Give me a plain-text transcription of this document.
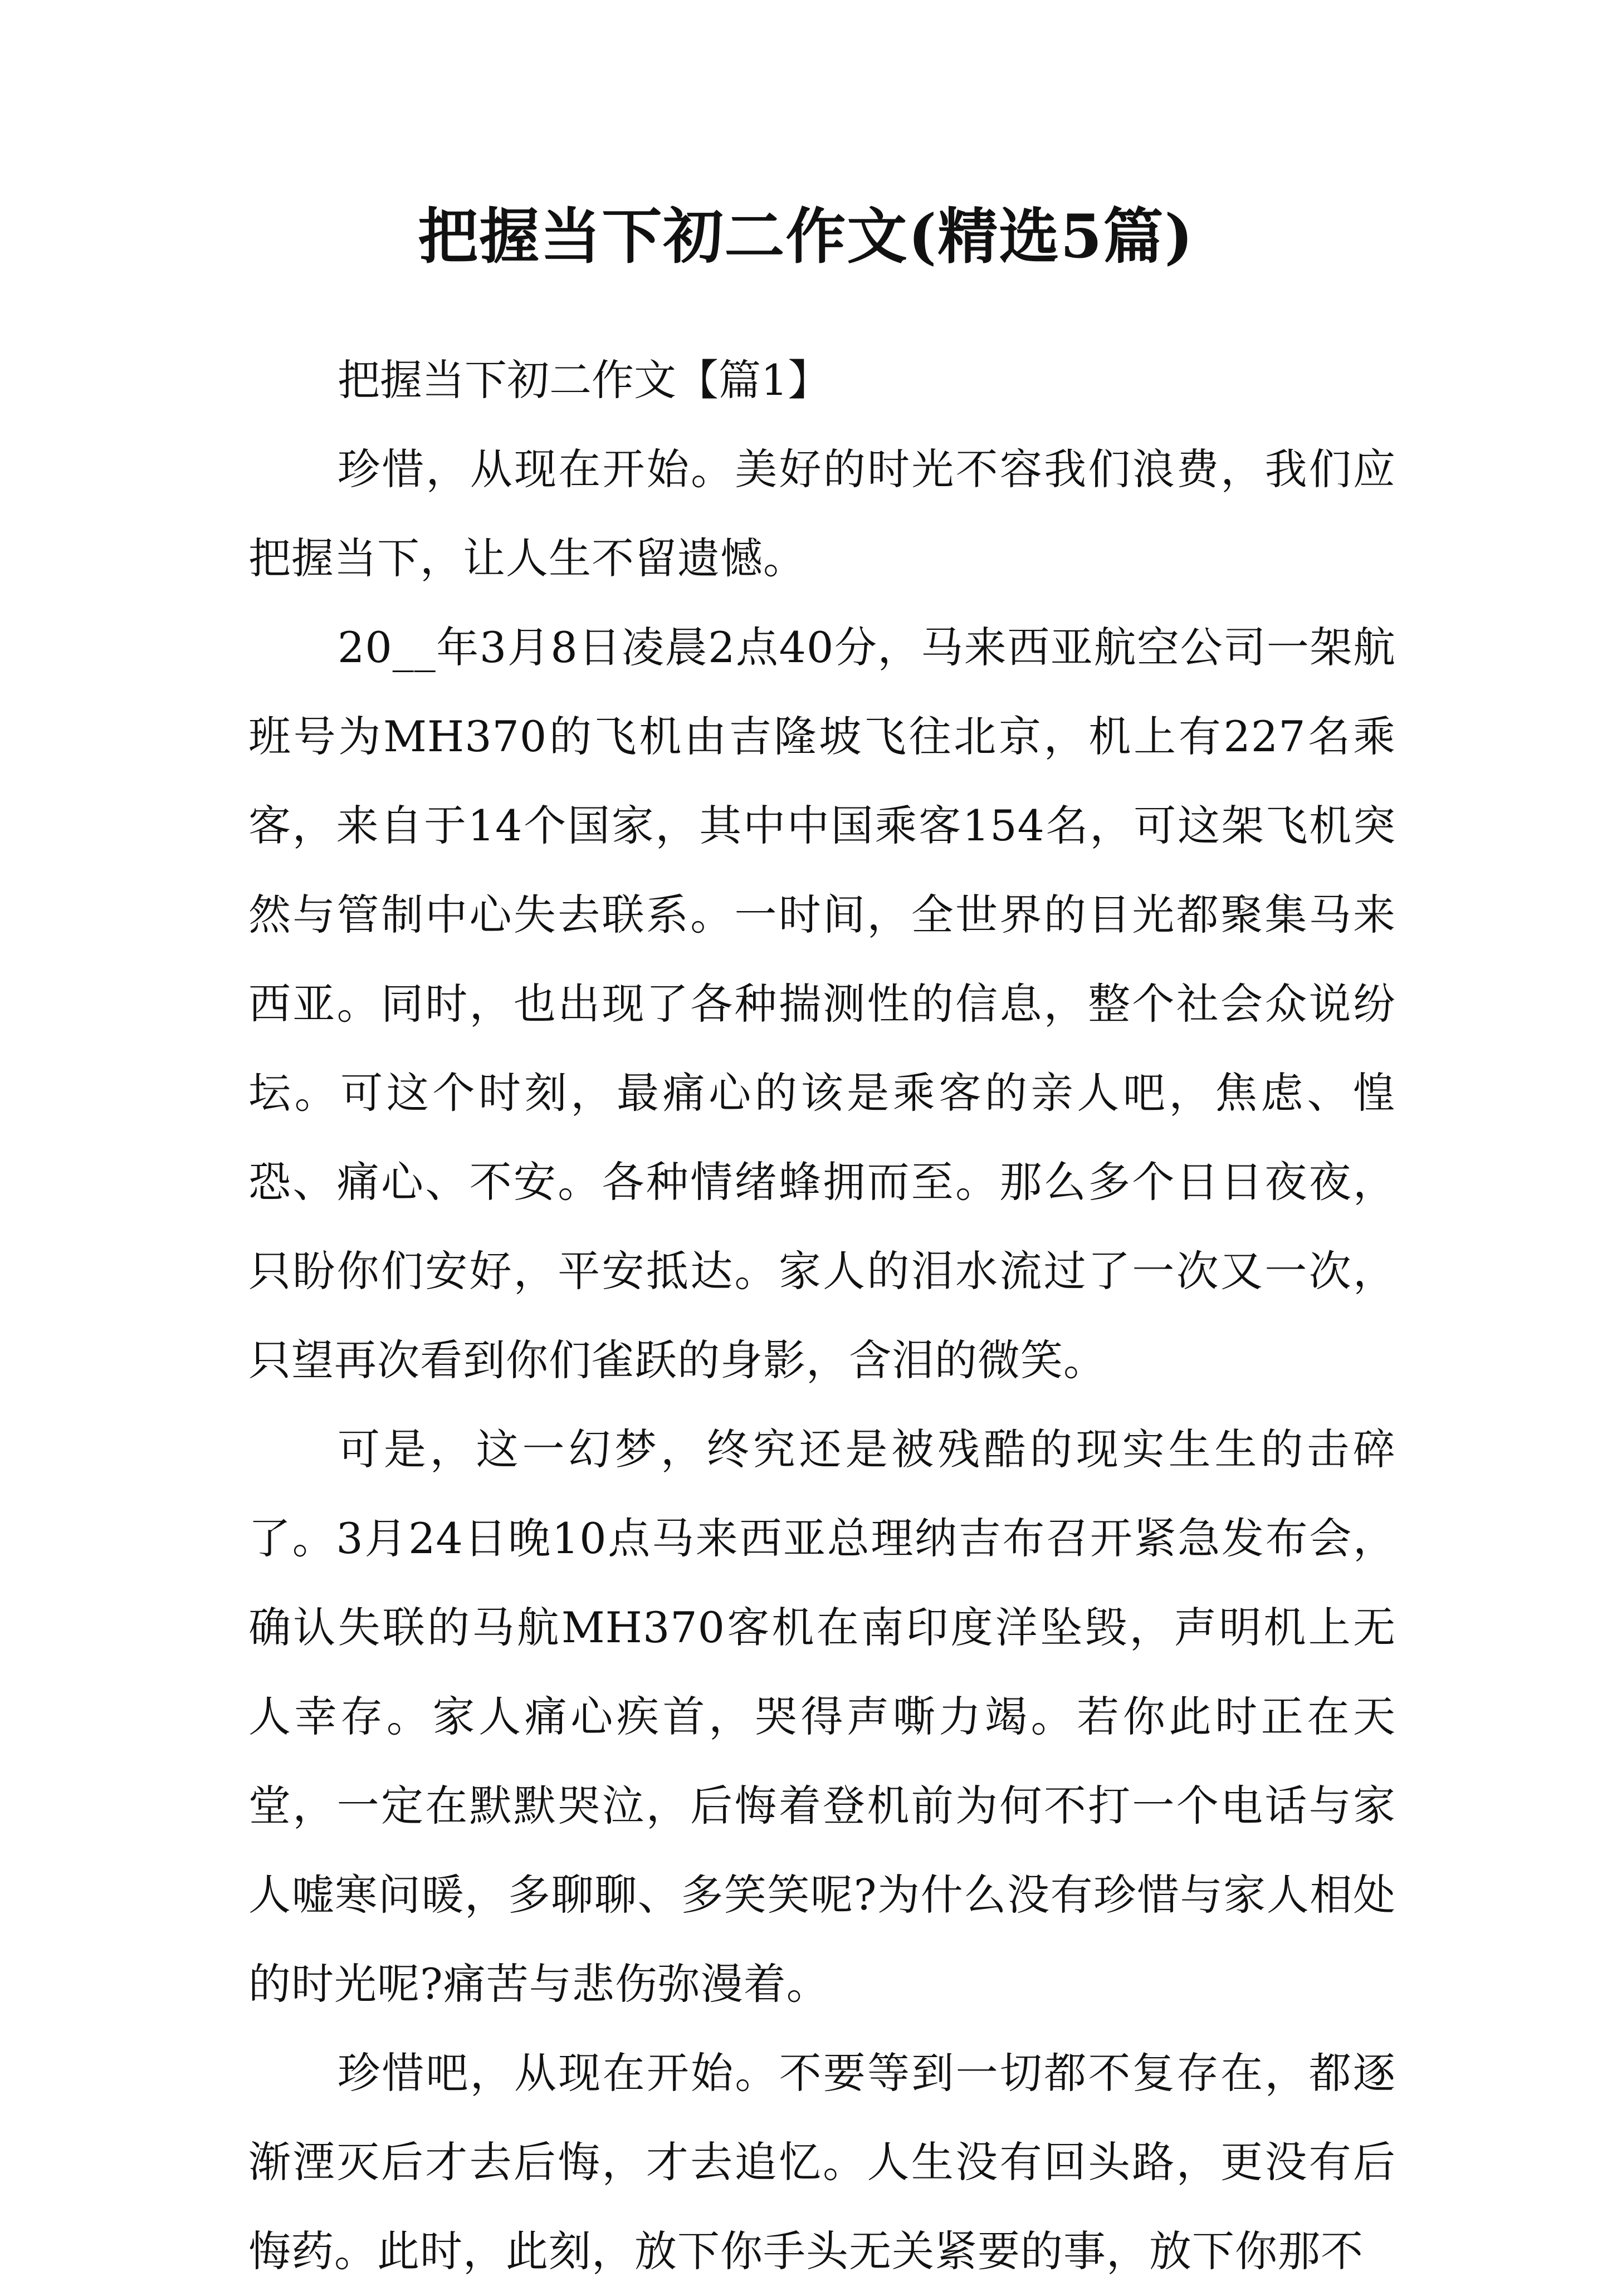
把握当下初二作文(精选5篇)

把握当下初二作文【篇1】

珍惜，从现在开始。美好的时光不容我们浪费，我们应把握当下，让人生不留遗憾。

20__年3月8日凌晨2点40分，马来西亚航空公司一架航班号为MH370的飞机由吉隆坡飞往北京，机上有227名乘客，来自于14个国家，其中中国乘客154名，可这架飞机突然与管制中心失去联系。一时间，全世界的目光都聚集马来西亚。同时，也出现了各种揣测性的信息，整个社会众说纷坛。可这个时刻，最痛心的该是乘客的亲人吧，焦虑、惶恐、痛心、不安。各种情绪蜂拥而至。那么多个日日夜夜，只盼你们安好，平安抵达。家人的泪水流过了一次又一次，只望再次看到你们雀跃的身影，含泪的微笑。

可是，这一幻梦，终究还是被残酷的现实生生的击碎了。3月24日晚10点马来西亚总理纳吉布召开紧急发布会，确认失联的马航MH370客机在南印度洋坠毁，声明机上无人幸存。家人痛心疾首，哭得声嘶力竭。若你此时正在天堂，一定在默默哭泣，后悔着登机前为何不打一个电话与家人嘘寒问暖，多聊聊、多笑笑呢?为什么没有珍惜与家人相处的时光呢?痛苦与悲伤弥漫着。

珍惜吧，从现在开始。不要等到一切都不复存在，都逐渐湮灭后才去后悔，才去追忆。人生没有回头路，更没有后悔药。此时，此刻，放下你手头无关紧要的事，放下你那不
